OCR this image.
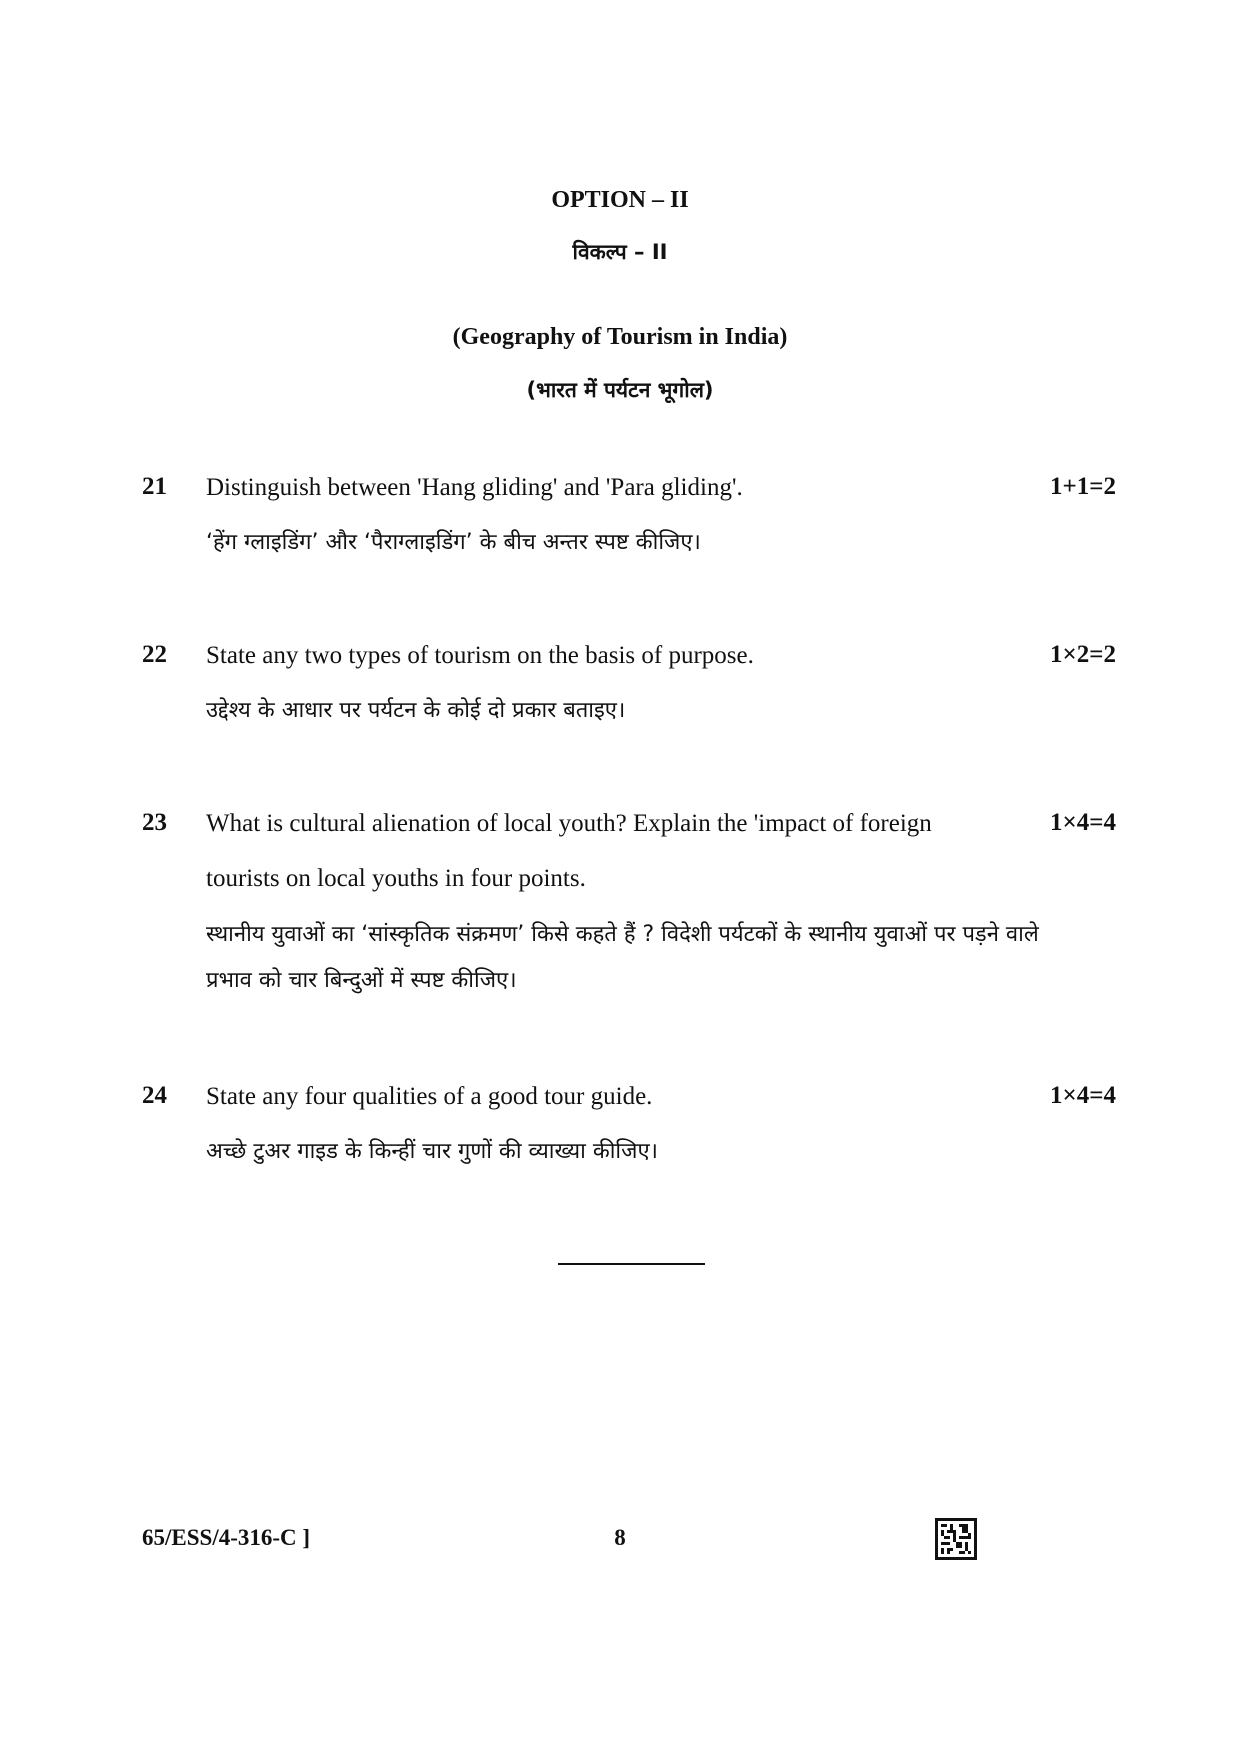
OPTION – II
विकल्प – II
(Geography of Tourism in India)
(भारत में पर्यटन भूगोल)
21 Distinguish between 'Hang gliding' and 'Para gliding'.	1+1=2
‘हेंग ग्लाइडिंग’ और ‘पैराग्लाइडिंग’ के बीच अन्तर स्पष्ट कीजिए।
22 State any two types of tourism on the basis of purpose.	1×2=2
उद्देश्य के आधार पर पर्यटन के कोई दो प्रकार बताइए।
23 What is cultural alienation of local youth? Explain the 'impact of foreign tourists on local youths in four points.
1×4=4
स्थानीय युवाओं का ‘सांस्कृतिक संक्रमण’ किसे कहते हैं ? विदेशी पर्यटकों के स्थानीय युवाओं पर पड़ने वाले प्रभाव को चार बिन्दुओं में स्पष्ट कीजिए।
24 State any four qualities of a good tour guide.	1×4=4
अच्छे टुअर गाइड के किन्हीं चार गुणों की व्याख्या कीजिए।
65/ESS/4-316-C ]	8
